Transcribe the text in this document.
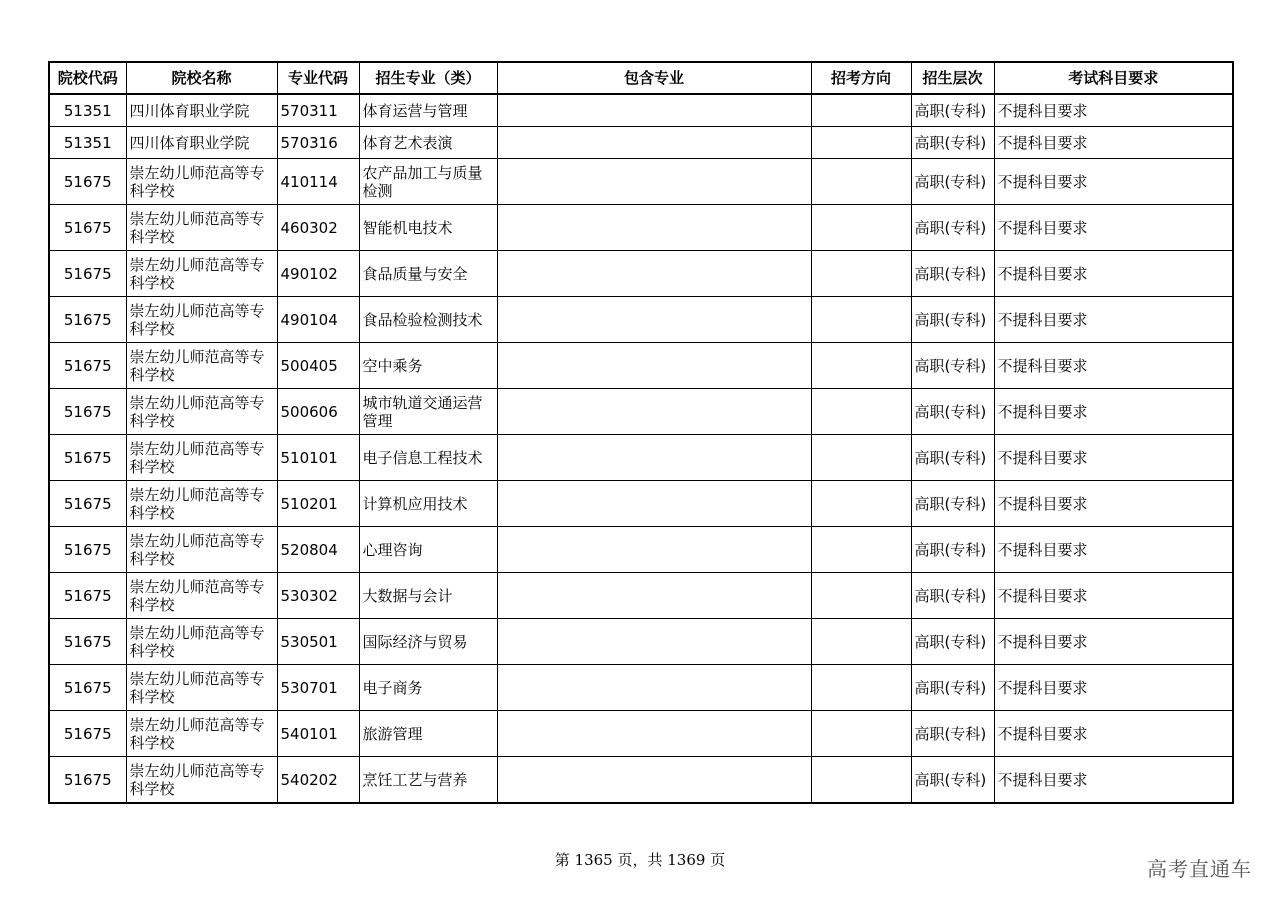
院校代码	院校名称	专业代码	招生专业（类）	包含专业	招考方向	招生层次	考试科目要求
51351	四川体育职业学院	570311	体育运营与管理			高职(专科)	不提科目要求
51351	四川体育职业学院	570316	体育艺术表演			高职(专科)	不提科目要求
51675	崇左幼儿师范高等专科学校	410114	农产品加工与质量检测			高职(专科)	不提科目要求
51675	崇左幼儿师范高等专科学校	460302	智能机电技术			高职(专科)	不提科目要求
51675	崇左幼儿师范高等专科学校	490102	食品质量与安全			高职(专科)	不提科目要求
51675	崇左幼儿师范高等专科学校	490104	食品检验检测技术			高职(专科)	不提科目要求
51675	崇左幼儿师范高等专科学校	500405	空中乘务			高职(专科)	不提科目要求
51675	崇左幼儿师范高等专科学校	500606	城市轨道交通运营管理			高职(专科)	不提科目要求
51675	崇左幼儿师范高等专科学校	510101	电子信息工程技术			高职(专科)	不提科目要求
51675	崇左幼儿师范高等专科学校	510201	计算机应用技术			高职(专科)	不提科目要求
51675	崇左幼儿师范高等专科学校	520804	心理咨询			高职(专科)	不提科目要求
51675	崇左幼儿师范高等专科学校	530302	大数据与会计			高职(专科)	不提科目要求
51675	崇左幼儿师范高等专科学校	530501	国际经济与贸易			高职(专科)	不提科目要求
51675	崇左幼儿师范高等专科学校	530701	电子商务			高职(专科)	不提科目要求
51675	崇左幼儿师范高等专科学校	540101	旅游管理			高职(专科)	不提科目要求
51675	崇左幼儿师范高等专科学校	540202	烹饪工艺与营养			高职(专科)	不提科目要求
第 1365 页，共 1369 页	高考直通车
